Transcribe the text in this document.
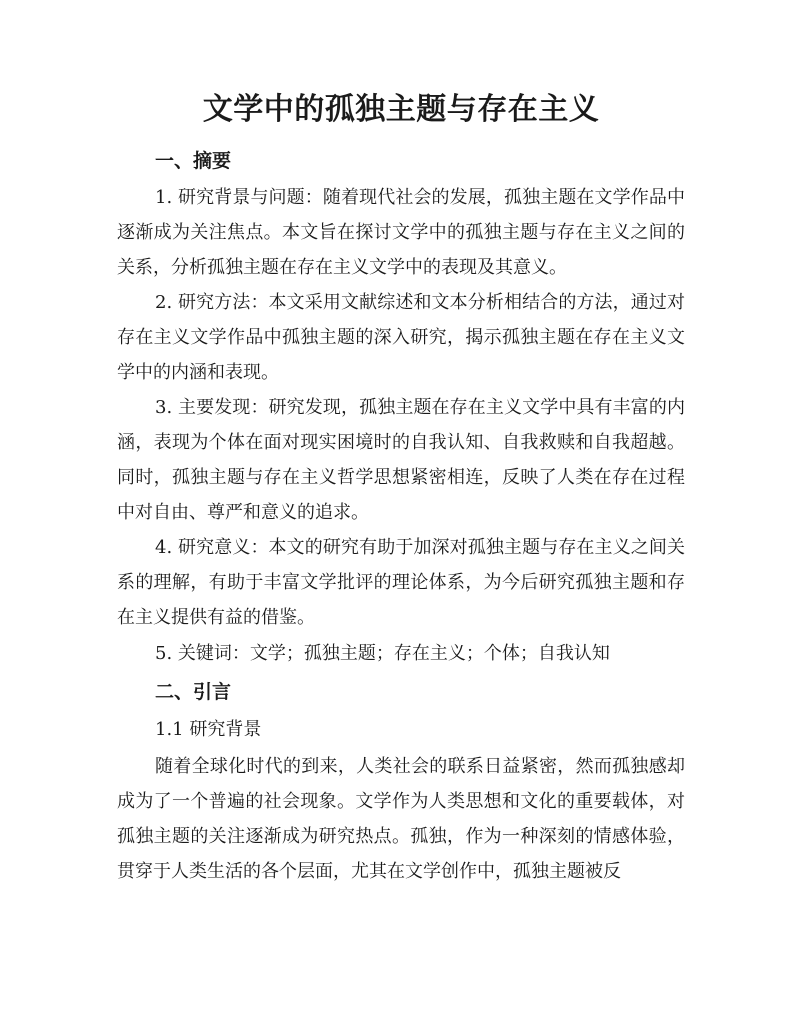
文学中的孤独主题与存在主义
一、摘要

1. 研究背景与问题：随着现代社会的发展，孤独主题在文学作品中逐渐成为关注焦点。本文旨在探讨文学中的孤独主题与存在主义之间的关系，分析孤独主题在存在主义文学中的表现及其意义。

2. 研究方法：本文采用文献综述和文本分析相结合的方法，通过对存在主义文学作品中孤独主题的深入研究，揭示孤独主题在存在主义文学中的内涵和表现。

3. 主要发现：研究发现，孤独主题在存在主义文学中具有丰富的内涵，表现为个体在面对现实困境时的自我认知、自我救赎和自我超越。同时，孤独主题与存在主义哲学思想紧密相连，反映了人类在存在过程中对自由、尊严和意义的追求。

4. 研究意义：本文的研究有助于加深对孤独主题与存在主义之间关系的理解，有助于丰富文学批评的理论体系，为今后研究孤独主题和存在主义提供有益的借鉴。

5. 关键词：文学；孤独主题；存在主义；个体；自我认知

二、引言

1.1 研究背景

随着全球化时代的到来，人类社会的联系日益紧密，然而孤独感却成为了一个普遍的社会现象。文学作为人类思想和文化的重要载体，对孤独主题的关注逐渐成为研究热点。孤独，作为一种深刻的情感体验，贯穿于人类生活的各个层面，尤其在文学创作中，孤独主题被反
